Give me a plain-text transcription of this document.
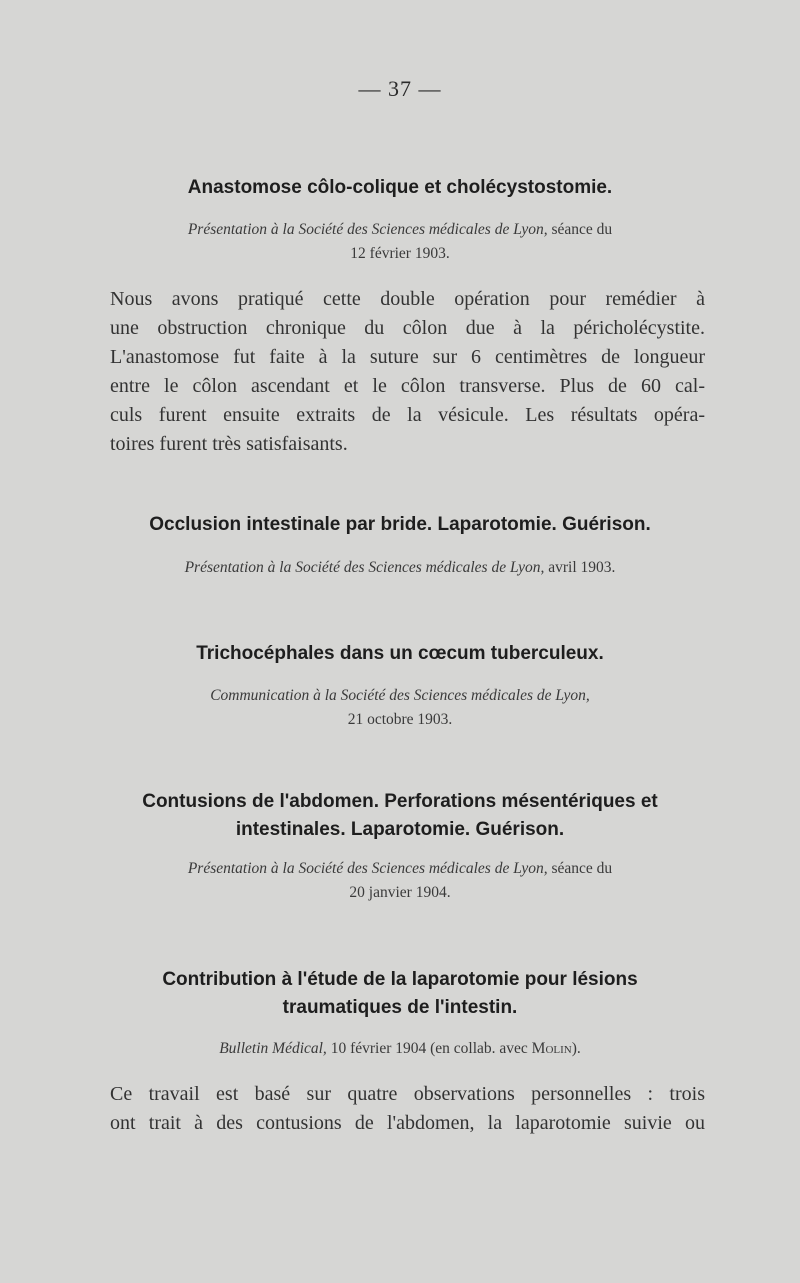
— 37 —
Anastomose côlo-colique et cholécystostomie.
Présentation à la Société des Sciences médicales de Lyon, séance du
12 février 1903.
Nous avons pratiqué cette double opération pour remédier à
une obstruction chronique du côlon due à la péricholécystite.
L'anastomose fut faite à la suture sur 6 centimètres de longueur
entre le côlon ascendant et le côlon transverse. Plus de 60 cal-
culs furent ensuite extraits de la vésicule. Les résultats opéra-
toires furent très satisfaisants.
Occlusion intestinale par bride. Laparotomie. Guérison.
Présentation à la Société des Sciences médicales de Lyon, avril 1903.
Trichocéphales dans un cœcum tuberculeux.
Communication à la Société des Sciences médicales de Lyon,
21 octobre 1903.
Contusions de l'abdomen. Perforations mésentériques et
intestinales. Laparotomie. Guérison.
Présentation à la Société des Sciences médicales de Lyon, séance du
20 janvier 1904.
Contribution à l'étude de la laparotomie pour lésions
traumatiques de l'intestin.
Bulletin Médical, 10 février 1904 (en collab. avec Molin).
Ce travail est basé sur quatre observations personnelles : trois
ont trait à des contusions de l'abdomen, la laparotomie suivie ou
